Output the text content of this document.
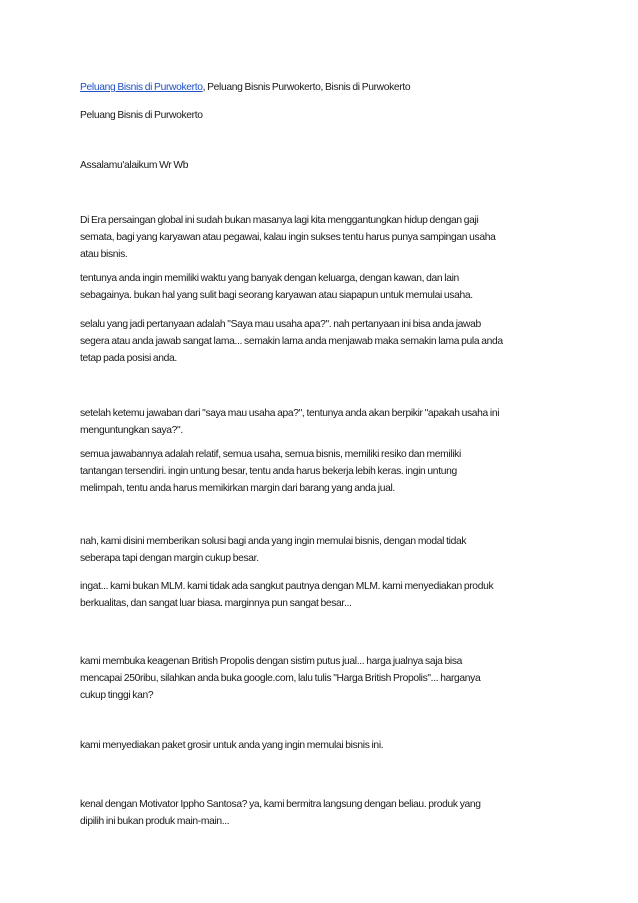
Peluang Bisnis di Purwokerto, Peluang Bisnis Purwokerto, Bisnis di Purwokerto
Peluang Bisnis di Purwokerto
Assalamu'alaikum Wr Wb
Di Era persaingan global ini sudah bukan masanya lagi kita menggantungkan hidup dengan gaji
semata, bagi yang karyawan atau pegawai, kalau ingin sukses tentu harus punya sampingan usaha
atau bisnis.
tentunya anda ingin memiliki waktu yang banyak dengan keluarga, dengan kawan, dan lain
sebagainya. bukan hal yang sulit bagi seorang karyawan atau siapapun untuk memulai usaha.
selalu yang jadi pertanyaan adalah "Saya mau usaha apa?". nah pertanyaan ini bisa anda jawab
segera atau anda jawab sangat lama... semakin lama anda menjawab maka semakin lama pula anda
tetap pada posisi anda.
setelah ketemu jawaban dari "saya mau usaha apa?", tentunya anda akan berpikir "apakah usaha ini
menguntungkan saya?".
semua jawabannya adalah relatif, semua usaha, semua bisnis, memiliki resiko dan memiliki
tantangan tersendiri. ingin untung besar, tentu anda harus bekerja lebih keras. ingin untung
melimpah, tentu anda harus memikirkan margin dari barang yang anda jual.
nah, kami disini memberikan solusi bagi anda yang ingin memulai bisnis, dengan modal tidak
seberapa tapi dengan margin cukup besar.
ingat... kami bukan MLM. kami tidak ada sangkut pautnya dengan MLM. kami menyediakan produk
berkualitas, dan sangat luar biasa. marginnya pun sangat besar...
kami membuka keagenan British Propolis dengan sistim putus jual... harga jualnya saja bisa
mencapai 250ribu, silahkan anda buka google.com, lalu tulis "Harga British Propolis"... harganya
cukup tinggi kan?
kami menyediakan paket grosir untuk anda yang ingin memulai bisnis ini.
kenal dengan Motivator Ippho Santosa? ya, kami bermitra langsung dengan beliau. produk yang
dipilih ini bukan produk main-main...
